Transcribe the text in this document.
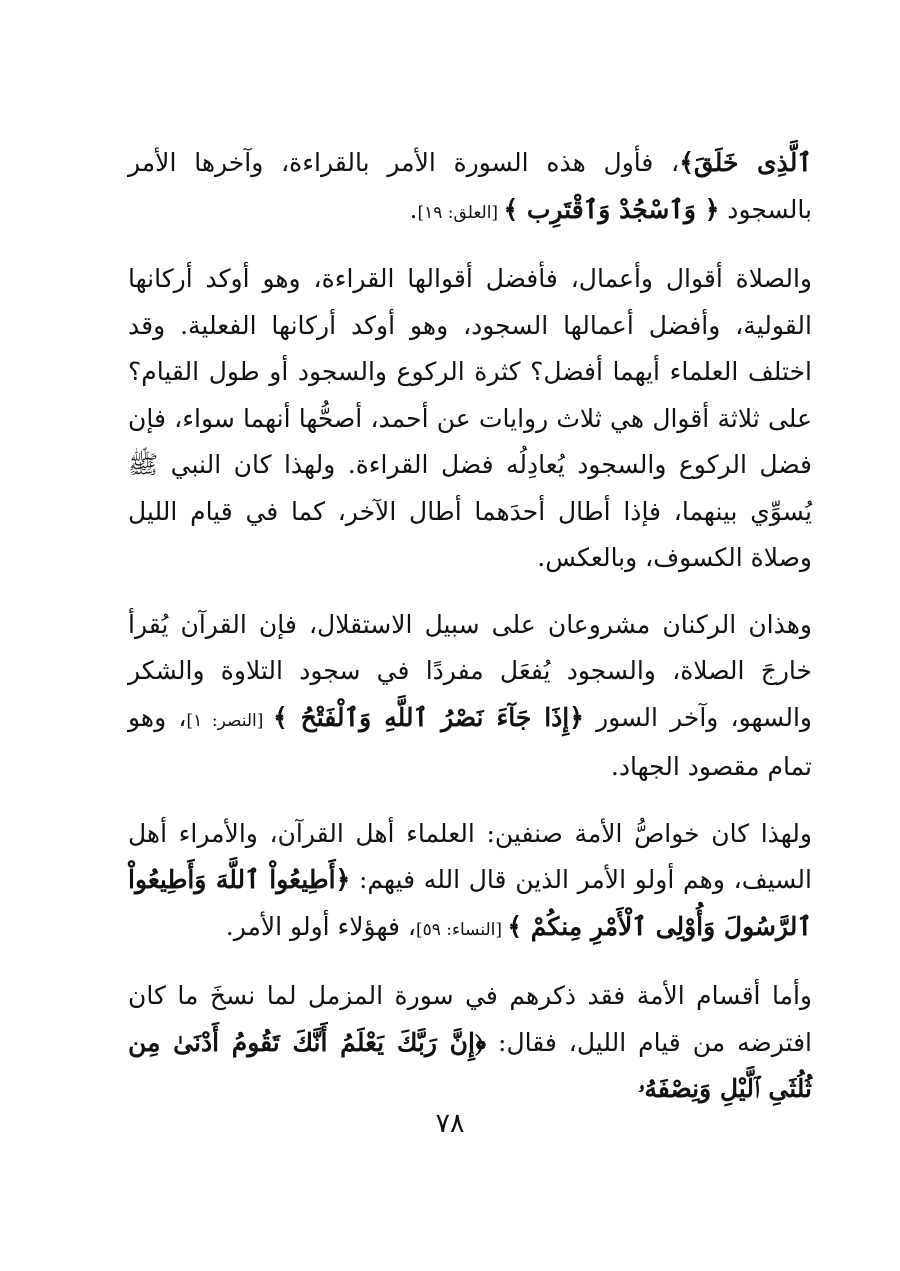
ٱلَّذِى خَلَقَ﴾، فأول هذه السورة الأمر بالقراءة، وآخرها الأمر بالسجود ﴿ وَٱسْجُدْ وَٱقْتَرِب ﴾ [العلق: ١٩].

والصلاة أقوال وأعمال، فأفضل أقوالها القراءة، وهو أوكد أركانها القولية، وأفضل أعمالها السجود، وهو أوكد أركانها الفعلية. وقد اختلف العلماء أيهما أفضل؟ كثرة الركوع والسجود أو طول القيام؟ على ثلاثة أقوال هي ثلاث روايات عن أحمد، أصحُّها أنهما سواء، فإن فضل الركوع والسجود يُعادِلُه فضل القراءة. ولهذا كان النبي ﷺ يُسوِّي بينهما، فإذا أطال أحدَهما أطال الآخر، كما في قيام الليل وصلاة الكسوف، وبالعكس.

وهذان الركنان مشروعان على سبيل الاستقلال، فإن القرآن يُقرأ خارجَ الصلاة، والسجود يُفعَل مفردًا في سجود التلاوة والشكر والسهو، وآخر السور ﴿إِذَا جَآءَ نَصْرُ ٱللَّهِ وَٱلْفَتْحُ ﴾ [النصر: ١]، وهو تمام مقصود الجهاد.

ولهذا كان خواصُّ الأمة صنفين: العلماء أهل القرآن، والأمراء أهل السيف، وهم أولو الأمر الذين قال الله فيهم: ﴿أَطِيعُواْ ٱللَّهَ وَأَطِيعُواْ ٱلرَّسُولَ وَأُوْلِى ٱلْأَمْرِ مِنكُمْ ﴾ [النساء: ٥٩]، فهؤلاء أولو الأمر.

وأما أقسام الأمة فقد ذكرهم في سورة المزمل لما نسخَ ما كان افترضه من قيام الليل، فقال: ﴿إِنَّ رَبَّكَ يَعْلَمُ أَنَّكَ تَقُومُ أَدْنَىٰ مِن ثُلُثَىِ ٱلَّيْلِ وَنِصْفَهُۥ

٧٨
